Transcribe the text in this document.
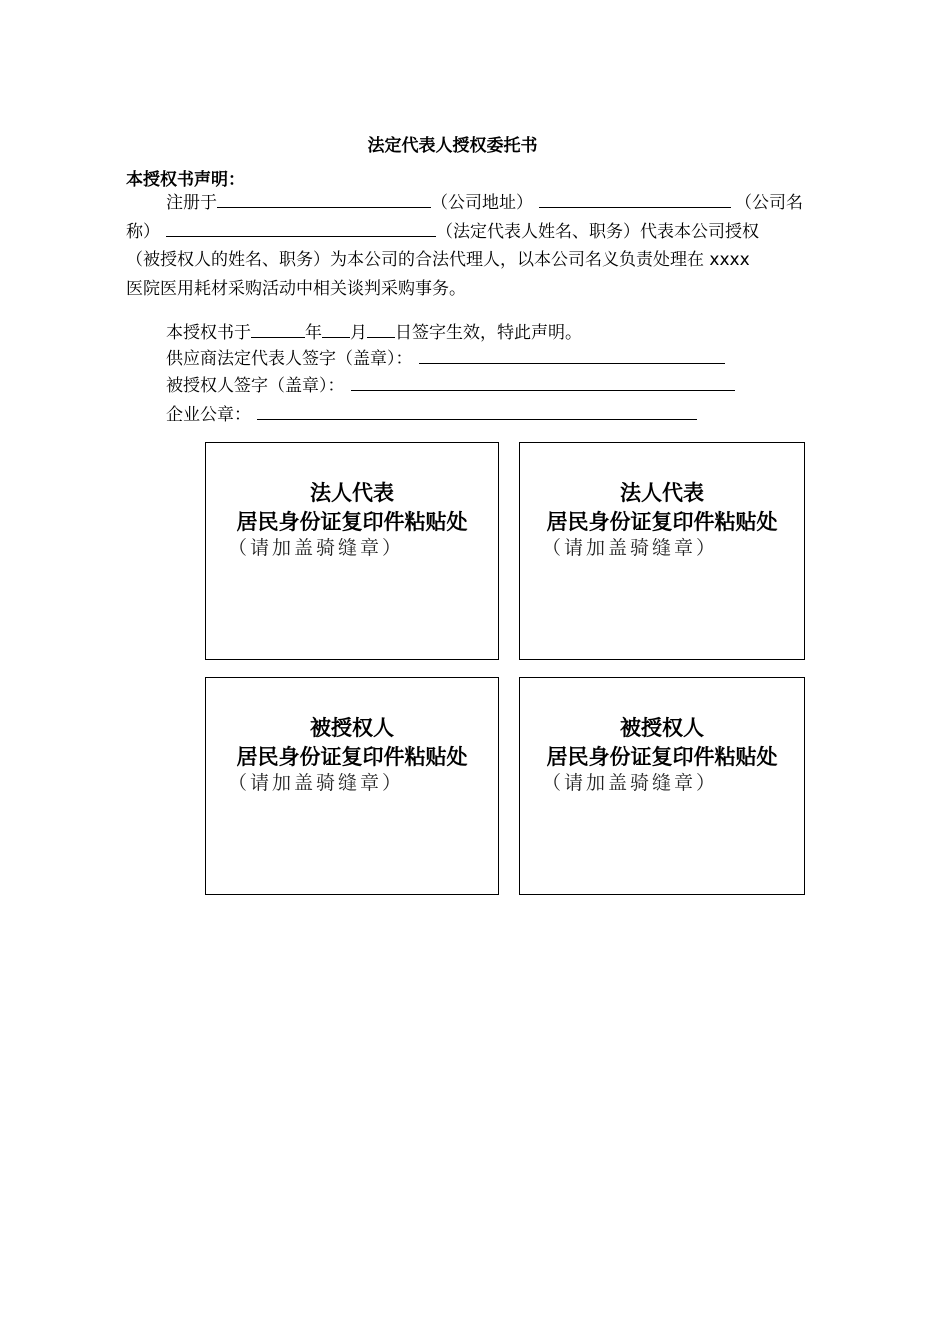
法定代表人授权委托书
本授权书声明：
注册于	（公司地址）	（公司名
称）	（法定代表人姓名、职务）代表本公司授权
（被授权人的姓名、职务）为本公司的合法代理人，以本公司名义负责处理在 xxxx
医院医用耗材采购活动中相关谈判采购事务。
本授权书于	年 月 日签字生效，特此声明。
供应商法定代表人签字（盖章）：
被授权人签字（盖章）：
企业公章：
法人代表
居民身份证复印件粘贴处
（请加盖骑缝章）
法人代表
居民身份证复印件粘贴处
（请加盖骑缝章）
被授权人
居民身份证复印件粘贴处
（请加盖骑缝章）
被授权人
居民身份证复印件粘贴处
（请加盖骑缝章）
